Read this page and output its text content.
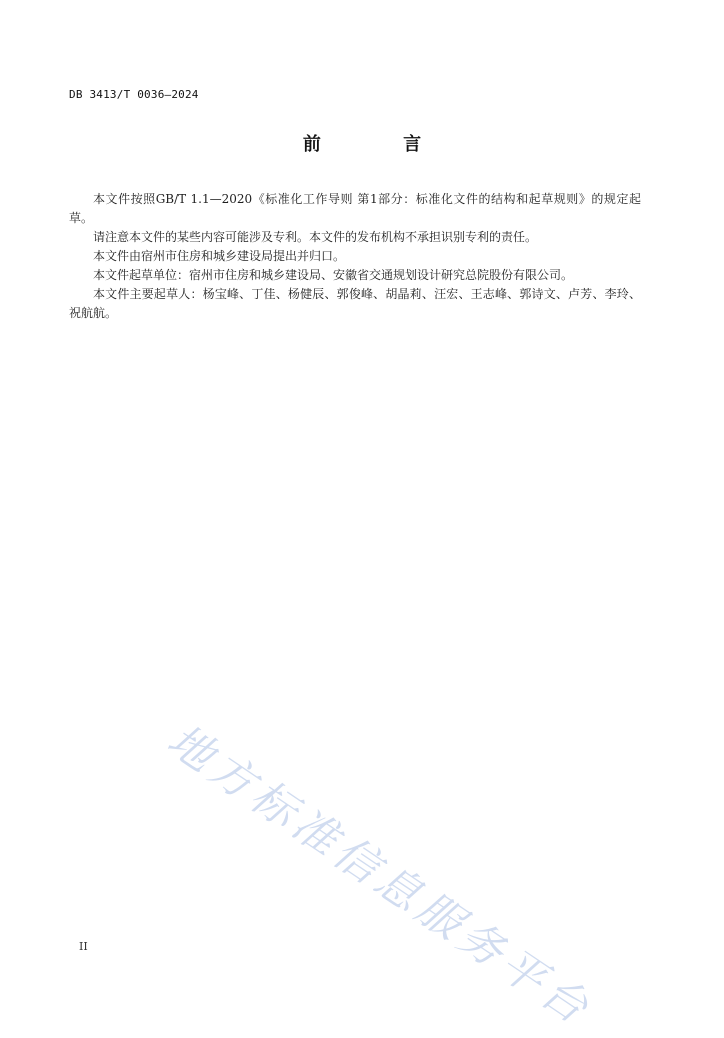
DB 3413/T 0036—2024
前 言

本文件按照GB/T 1.1—2020《标准化工作导则 第1部分：标准化文件的结构和起草规则》的规定起草。

请注意本文件的某些内容可能涉及专利。本文件的发布机构不承担识别专利的责任。

本文件由宿州市住房和城乡建设局提出并归口。

本文件起草单位：宿州市住房和城乡建设局、安徽省交通规划设计研究总院股份有限公司。

本文件主要起草人：杨宝峰、丁佳、杨健辰、郭俊峰、胡晶莉、汪宏、王志峰、郭诗文、卢芳、李玲、祝航航。

地方标准信息服务平台
II
